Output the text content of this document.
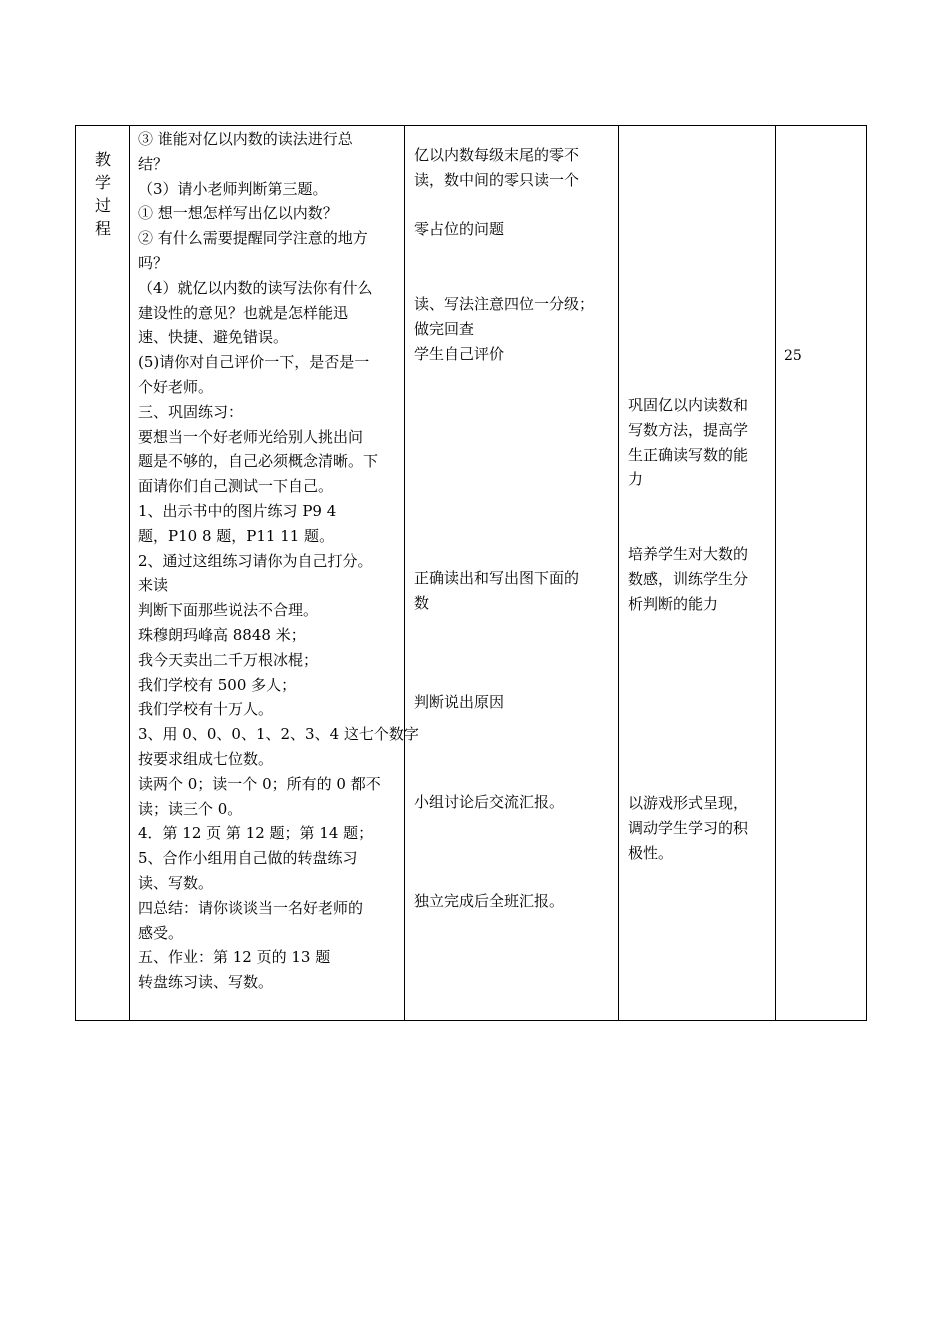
教
学
过
程
③ 谁能对亿以内数的读法进行总
结？
（3）请小老师判断第三题。
① 想一想怎样写出亿以内数？
② 有什么需要提醒同学注意的地方
吗？
（4）就亿以内数的读写法你有什么
建设性的意见？也就是怎样能迅
速、快捷、避免错误。
(5)请你对自己评价一下，是否是一
个好老师。
三、巩固练习：
要想当一个好老师光给别人挑出问
题是不够的，自己必须概念清晰。下
面请你们自己测试一下自己。
1、出示书中的图片练习 P9 4
题，P10 8 题，P11 11 题。
2、通过这组练习请你为自己打分。
来读
判断下面那些说法不合理。
珠穆朗玛峰高 8848 米；
我今天卖出二千万根冰棍；
我们学校有 500 多人；
我们学校有十万人。
3、用 0、0、0、1、2、3、4 这七个数字
按要求组成七位数。
读两个 0；读一个 0；所有的 0 都不
读；读三个 0。
4．第 12 页 第 12 题；第 14 题；
5、合作小组用自己做的转盘练习
读、写数。
四总结：请你谈谈当一名好老师的
感受。
五、作业：第 12 页的 13 题
转盘练习读、写数。
亿以内数每级末尾的零不
读，数中间的零只读一个
零占位的问题
读、写法注意四位一分级；
做完回查
学生自己评价
正确读出和写出图下面的
数
判断说出原因
小组讨论后交流汇报。
独立完成后全班汇报。
巩固亿以内读数和
写数方法，提高学
生正确读写数的能
力
培养学生对大数的
数感，训练学生分
析判断的能力
以游戏形式呈现，
调动学生学习的积
极性。
25
